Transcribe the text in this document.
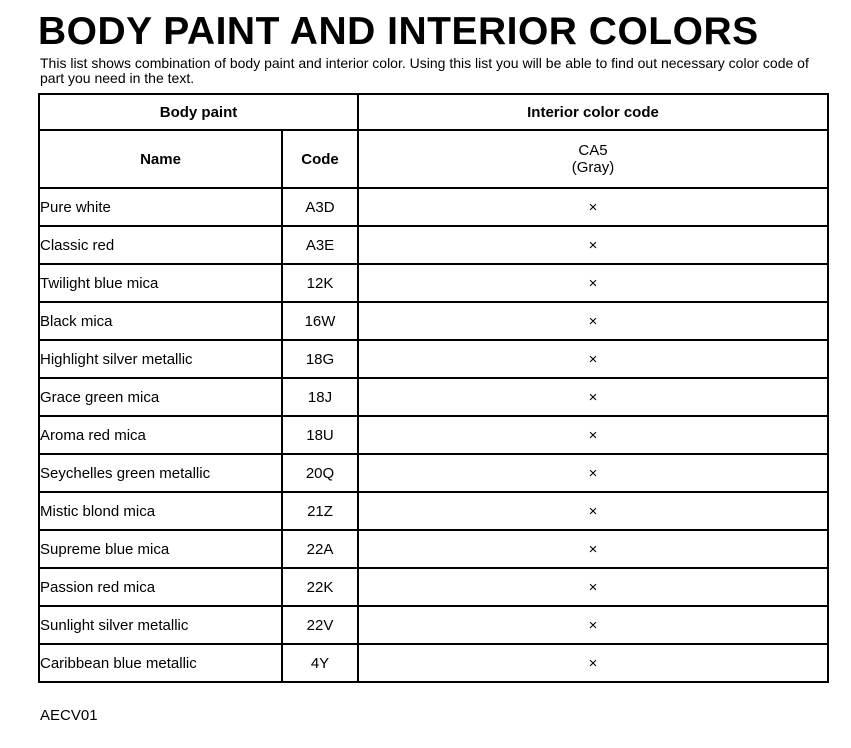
BODY PAINT AND INTERIOR COLORS
This list shows combination of body paint and interior color. Using this list you will be able to find out necessary color code of part you need in the text.
Body paint		Interior color code
Name	Code	CA5
(Gray)
Pure white	A3D	×
Classic red	A3E	×
Twilight blue mica	12K	×
Black mica	16W	×
Highlight silver metallic	18G	×
Grace green mica	18J	×
Aroma red mica	18U	×
Seychelles green metallic	20Q	×
Mistic blond mica	21Z	×
Supreme blue mica	22A	×
Passion red mica	22K	×
Sunlight silver metallic	22V	×
Caribbean blue metallic	4Y	×
AECV01
